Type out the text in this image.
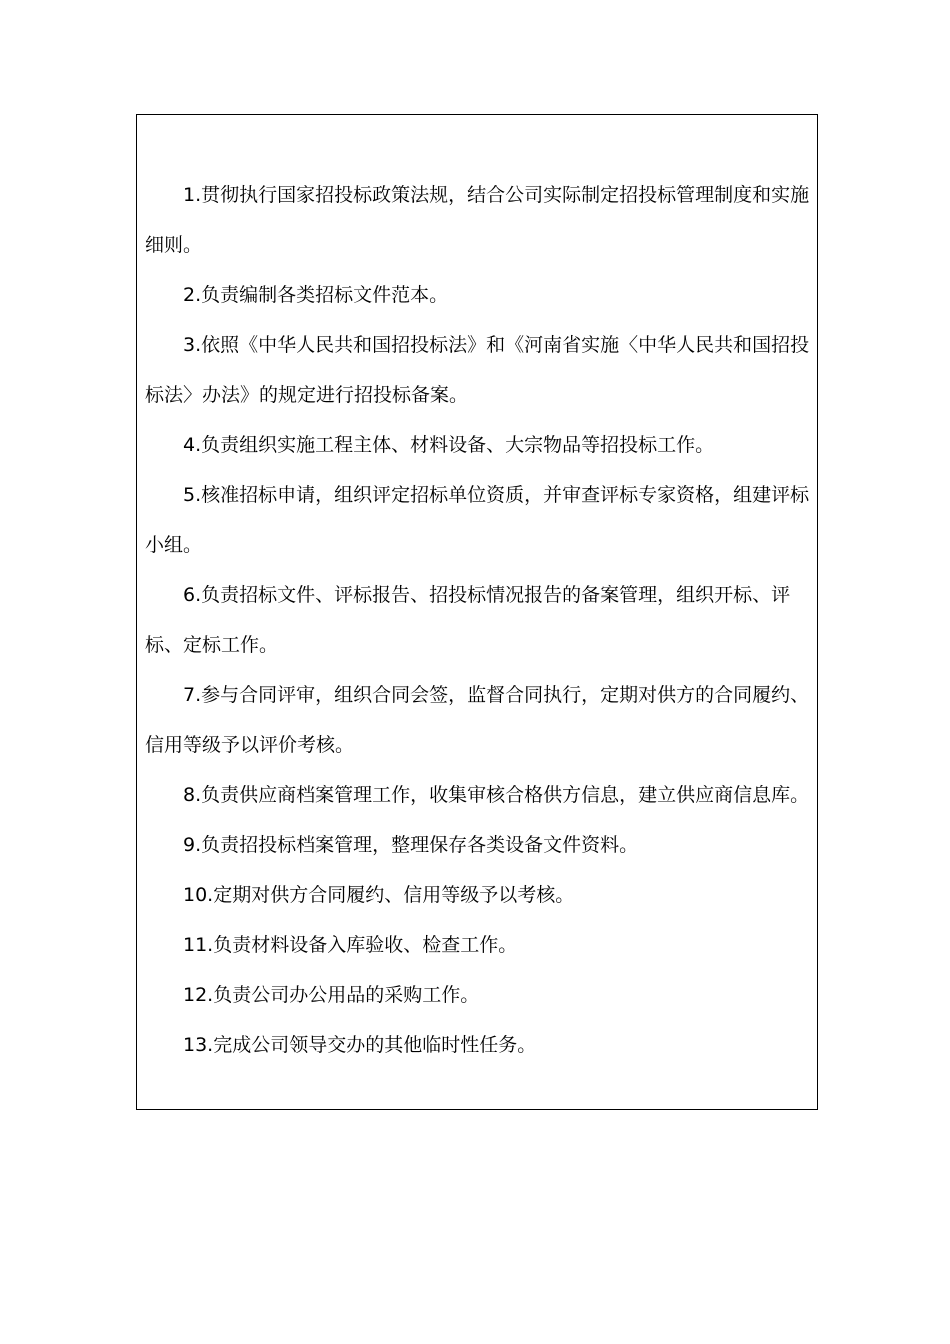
1.贯彻执行国家招投标政策法规，结合公司实际制定招投标管理制度和实施细则。

2.负责编制各类招标文件范本。

3.依照《中华人民共和国招投标法》和《河南省实施〈中华人民共和国招投标法〉办法》的规定进行招投标备案。

4.负责组织实施工程主体、材料设备、大宗物品等招投标工作。

5.核准招标申请，组织评定招标单位资质，并审查评标专家资格，组建评标小组。

6.负责招标文件、评标报告、招投标情况报告的备案管理，组织开标、评标、定标工作。

7.参与合同评审，组织合同会签，监督合同执行，定期对供方的合同履约、信用等级予以评价考核。

8.负责供应商档案管理工作，收集审核合格供方信息，建立供应商信息库。

9.负责招投标档案管理，整理保存各类设备文件资料。

10.定期对供方合同履约、信用等级予以考核。

11.负责材料设备入库验收、检查工作。

12.负责公司办公用品的采购工作。

13.完成公司领导交办的其他临时性任务。
